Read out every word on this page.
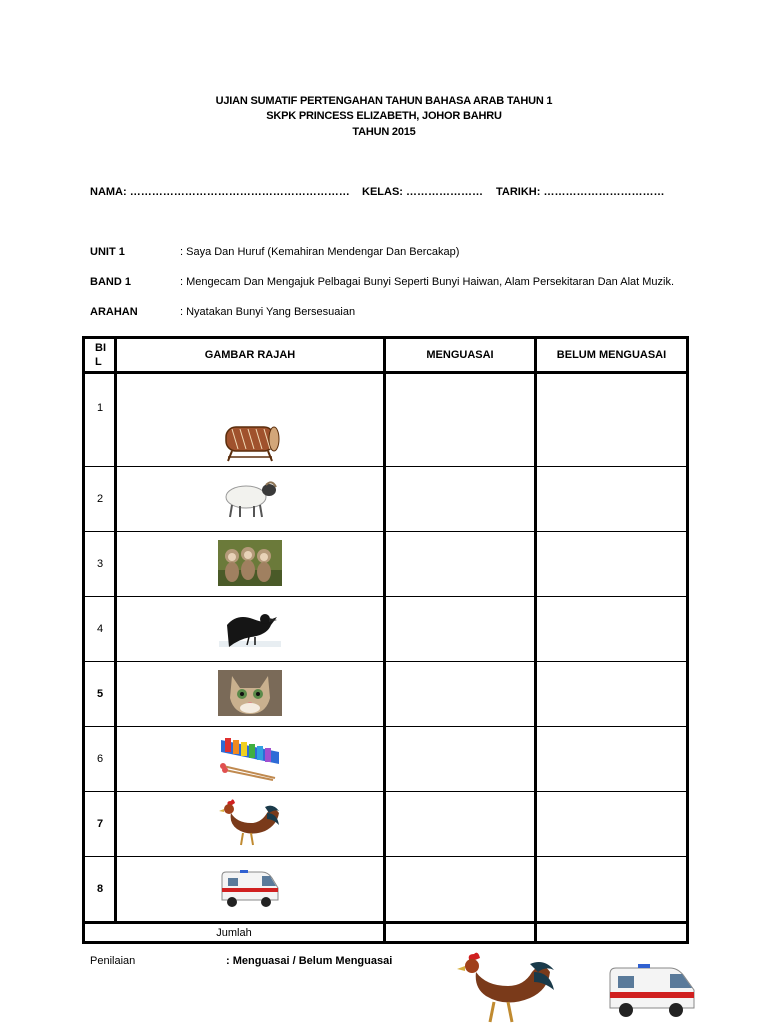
UJIAN SUMATIF PERTENGAHAN TAHUN BAHASA ARAB TAHUN 1
SKPK PRINCESS ELIZABETH, JOHOR BAHRU
TAHUN 2015
NAMA: …………………………………………………… KELAS: ………………… TARIKH: ……………………………
UNIT 1	: Saya Dan Huruf (Kemahiran Mendengar Dan Bercakap)
BAND 1	: Mengecam Dan Mengajuk Pelbagai Bunyi Seperti Bunyi Haiwan, Alam Persekitaran Dan Alat Muzik.
ARAHAN	: Nyatakan Bunyi Yang Bersesuaian
BI L	GAMBAR RAJAH	MENGUASAI	BELUM MENGUASAI
1			
2			
3			
4			
5			
6			
7			
8			
Jumlah			
Penilaian	: Menguasai / Belum Menguasai
